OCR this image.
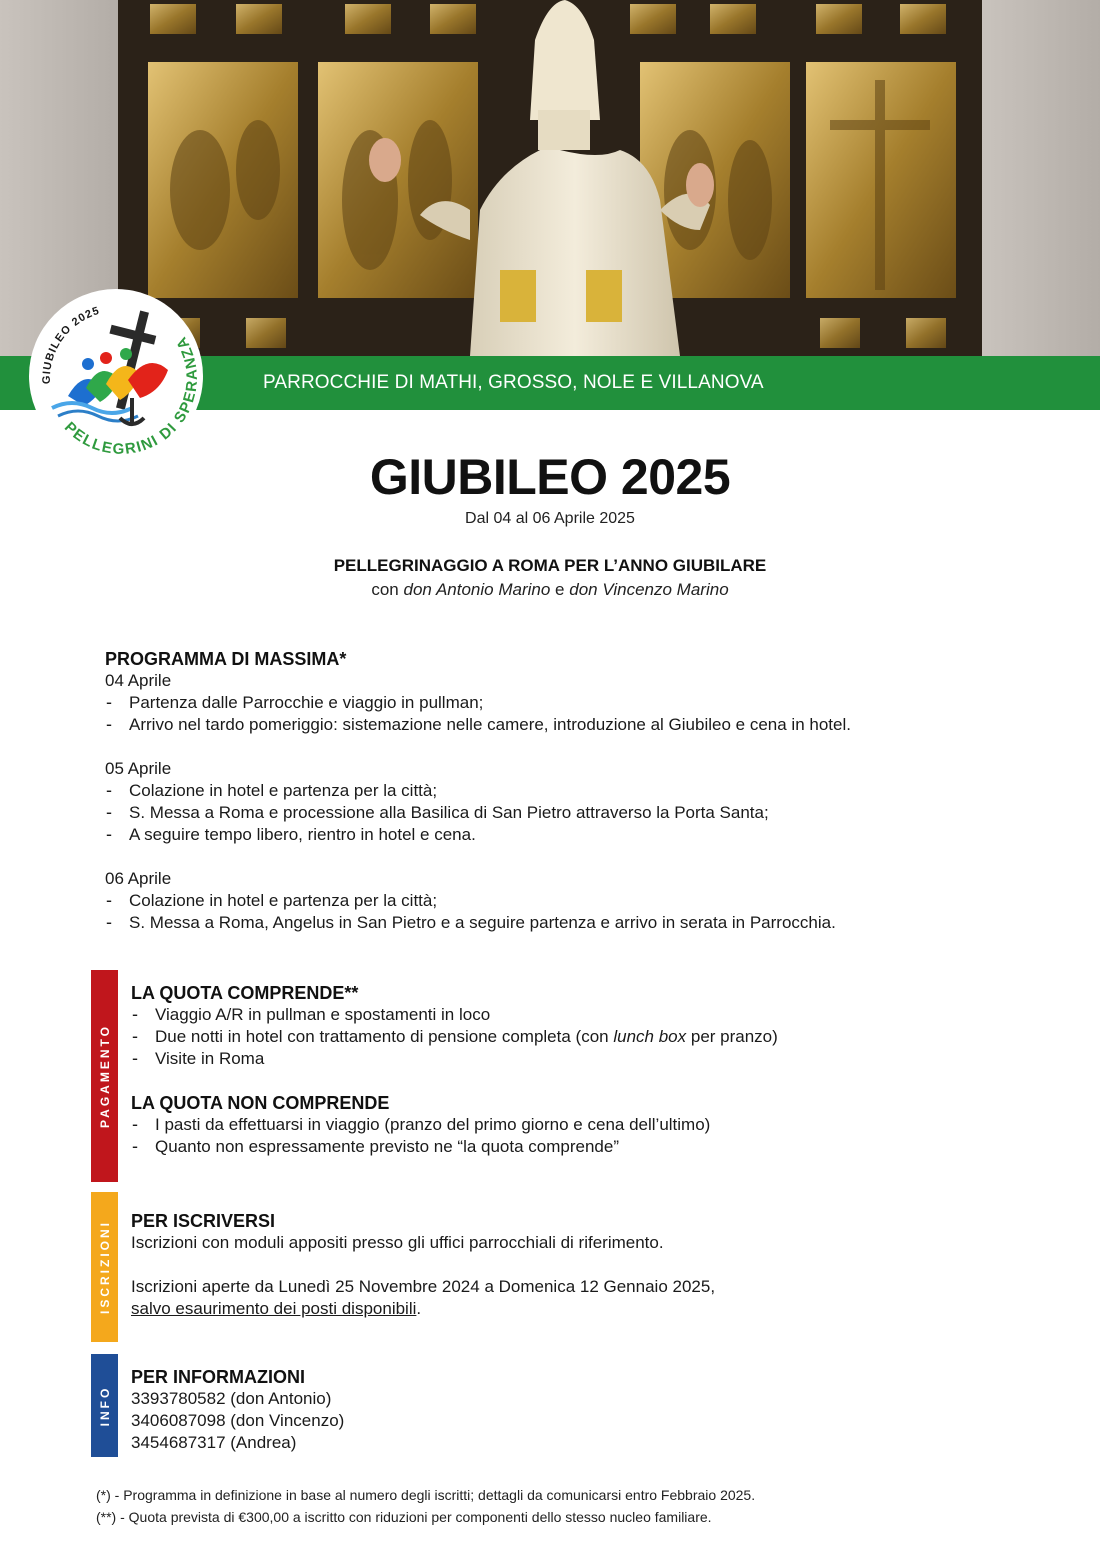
PARROCCHIE DI MATHI, GROSSO, NOLE E VILLANOVA
GIUBILEO 2025
PELLEGRINI DI SPERANZA
GIUBILEO 2025
Dal 04 al 06 Aprile 2025
PELLEGRINAGGIO A ROMA PER L’ANNO GIUBILARE
con don Antonio Marino e don Vincenzo Marino
PROGRAMMA DI MASSIMA*
04 Aprile
- Partenza dalle Parrocchie e viaggio in pullman;
- Arrivo nel tardo pomeriggio: sistemazione nelle camere, introduzione al Giubileo e cena in hotel.
05 Aprile
- Colazione in hotel e partenza per la città;
- S. Messa a Roma e processione alla Basilica di San Pietro attraverso la Porta Santa;
- A seguire tempo libero, rientro in hotel e cena.
06 Aprile
- Colazione in hotel e partenza per la città;
- S. Messa a Roma, Angelus in San Pietro e a seguire partenza e arrivo in serata in Parrocchia.
PAGAMENTO
LA QUOTA COMPRENDE**
- Viaggio A/R in pullman e spostamenti in loco
- Due notti in hotel con trattamento di pensione completa (con lunch box per pranzo)
- Visite in Roma
LA QUOTA NON COMPRENDE
- I pasti da effettuarsi in viaggio (pranzo del primo giorno e cena dell’ultimo)
- Quanto non espressamente previsto ne “la quota comprende”
ISCRIZIONI PER ISCRIVERSI
Iscrizioni con moduli appositi presso gli uffici parrocchiali di riferimento.
Iscrizioni aperte da Lunedì 25 Novembre 2024 a Domenica 12 Gennaio 2025,
salvo esaurimento dei posti disponibili.
INFO
PER INFORMAZIONI
3393780582 (don Antonio)
3406087098 (don Vincenzo)
3454687317 (Andrea)
(*) - Programma in definizione in base al numero degli iscritti; dettagli da comunicarsi entro Febbraio 2025.
(**) - Quota prevista di €300,00 a iscritto con riduzioni per componenti dello stesso nucleo familiare.
